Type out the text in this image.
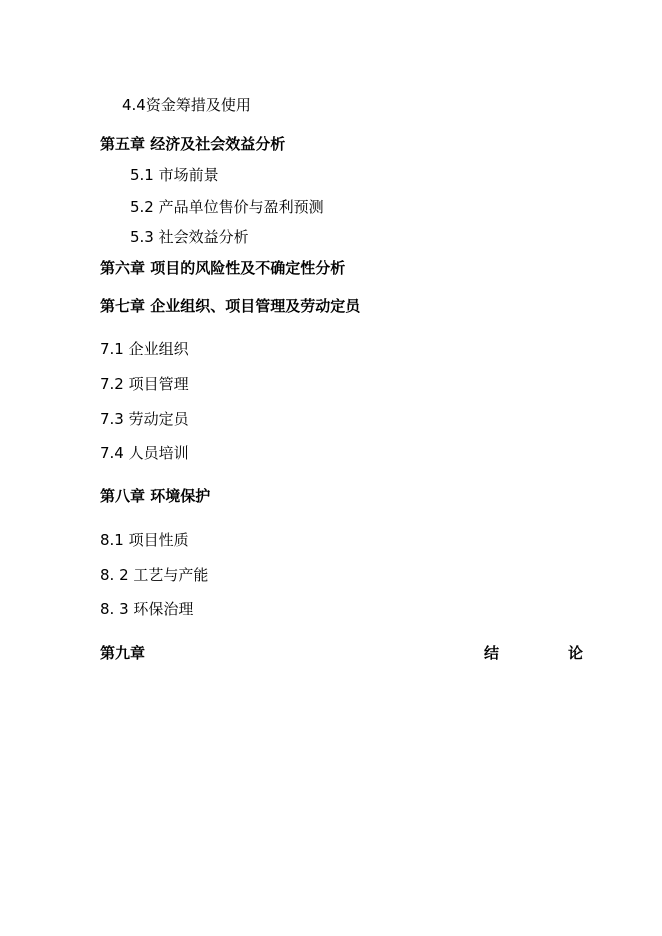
4.4资金筹措及使用
第五章 经济及社会效益分析
5.1 市场前景
5.2 产品单位售价与盈利预测
5.3 社会效益分析
第六章 项目的风险性及不确定性分析
第七章 企业组织、项目管理及劳动定员
7.1 企业组织
7.2 项目管理
7.3 劳动定员
7.4 人员培训
第八章 环境保护
8.1 项目性质
8. 2 工艺与产能
8. 3 环保治理
第九章	结	论
